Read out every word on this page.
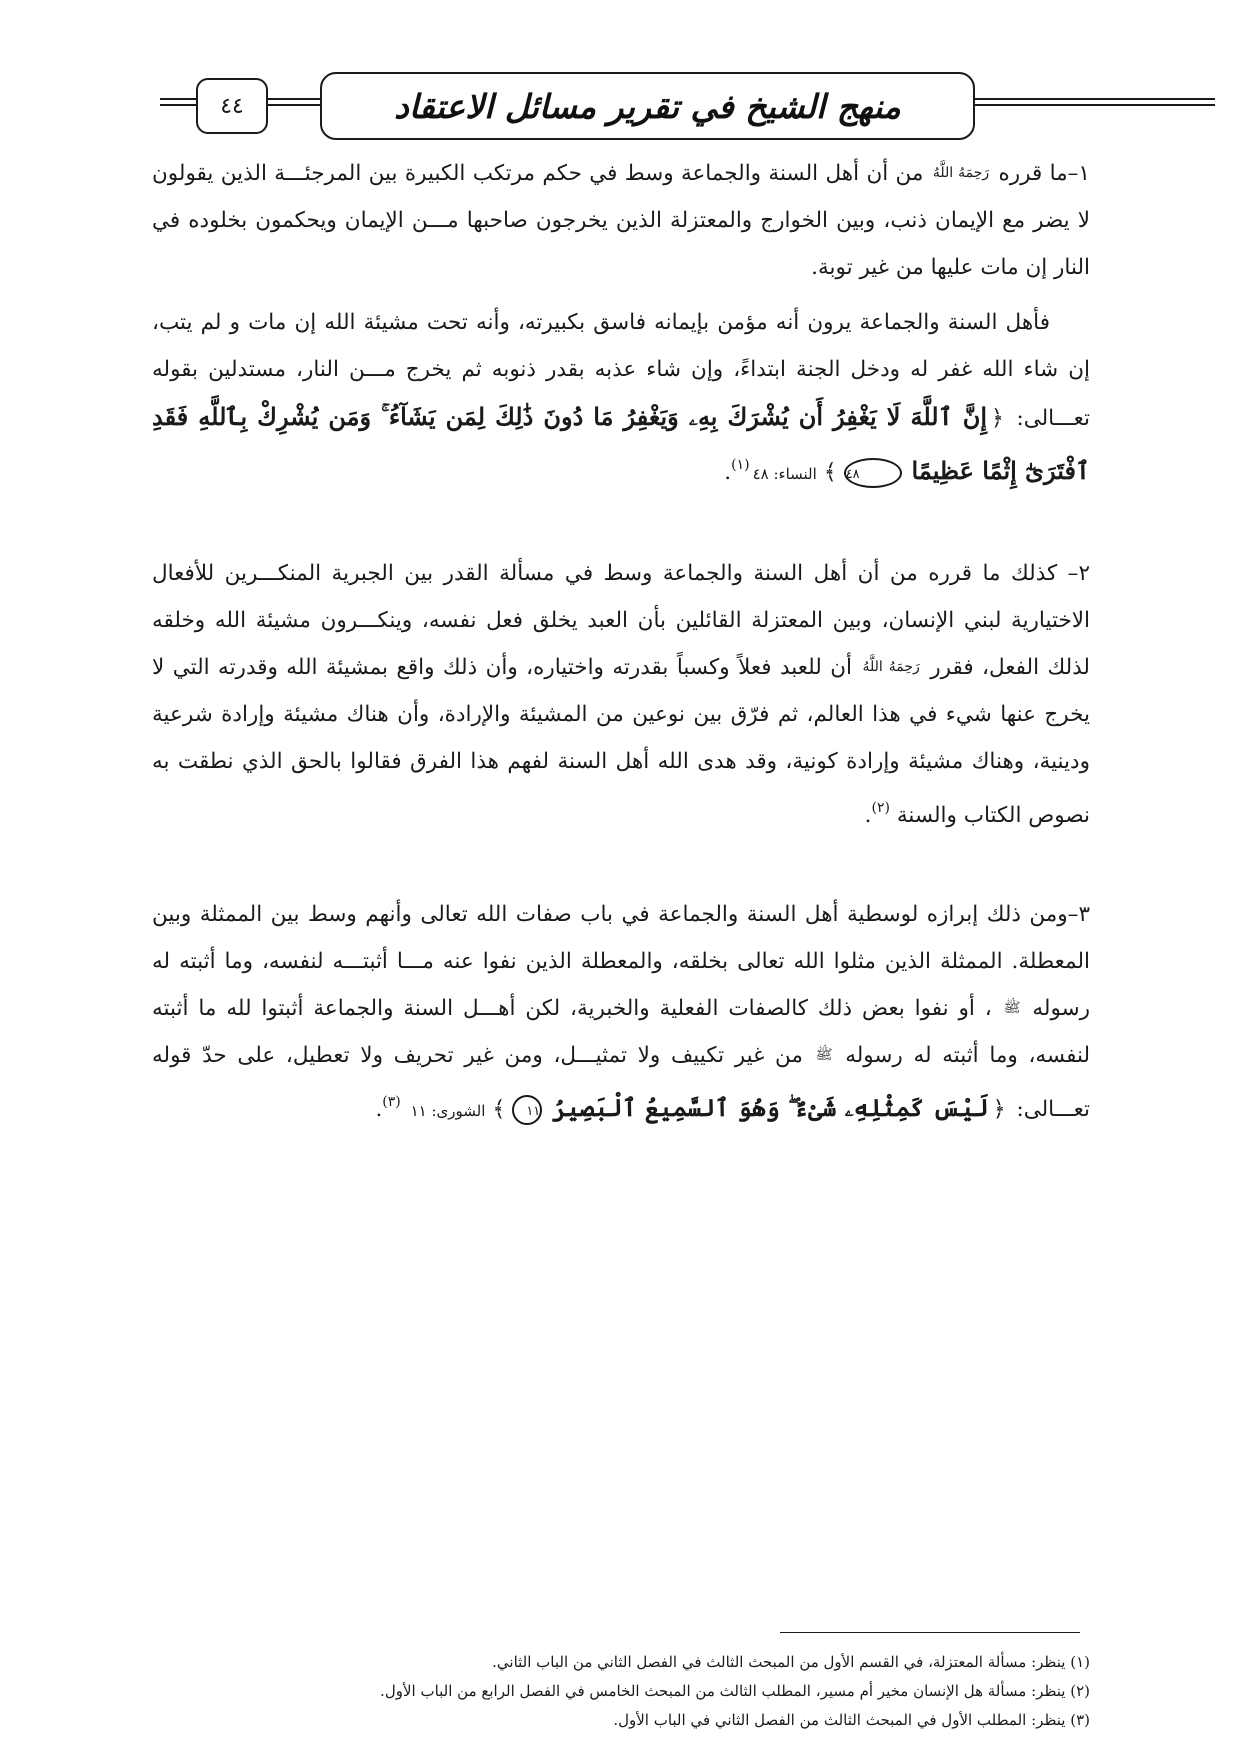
منهج الشيخ في تقرير مسائل الاعتقاد
٤٤

١–ما قرره رَحِمَهُ اللَّهُ من أن أهل السنة والجماعة وسط في حكم مرتكب الكبيرة بين المرجئـــة الذين يقولون لا يضر مع الإيمان ذنب، وبين الخوارج والمعتزلة الذين يخرجون صاحبها مـــن الإيمان ويحكمون بخلوده في النار إن مات عليها من غير توبة.

فأهل السنة والجماعة يرون أنه مؤمن بإيمانه فاسق بكبيرته، وأنه تحت مشيئة الله إن مات و لم يتب، إن شاء الله غفر له ودخل الجنة ابتداءً، وإن شاء عذبه بقدر ذنوبه ثم يخرج مـــن النار، مستدلين بقوله تعـــالى: ﴿إِنَّ ٱللَّهَ لَا يَغْفِرُ أَن يُشْرَكَ بِهِۦ وَيَغْفِرُ مَا دُونَ ذَٰلِكَ لِمَن يَشَآءُ ۚ وَمَن يُشْرِكْ بِٱللَّهِ فَقَدِ ٱفْتَرَىٰٓ إِثْمًا عَظِيمًا ٤٨﴾النساء: ٤٨$^{(١)}$.

٢– كذلك ما قرره من أن أهل السنة والجماعة وسط في مسألة القدر بين الجبرية المنكـــرين للأفعال الاختيارية لبني الإنسان، وبين المعتزلة القائلين بأن العبد يخلق فعل نفسه، وينكـــرون مشيئة الله وخلقه لذلك الفعل، فقرر رَحِمَهُ اللَّهُ أن للعبد فعلاً وكسباً بقدرته واختياره، وأن ذلك واقع بمشيئة الله وقدرته التي لا يخرج عنها شيء في هذا العالم، ثم فرّق بين نوعين من المشيئة والإرادة، وأن هناك مشيئة وإرادة شرعية ودينية، وهناك مشيئة وإرادة كونية، وقد هدى الله أهل السنة لفهم هذا الفرق فقالوا بالحق الذي نطقت به نصوص الكتاب والسنة $^{(٢)}$.

٣–ومن ذلك إبرازه لوسطية أهل السنة والجماعة في باب صفات الله تعالى وأنهم وسط بين الممثلة وبين المعطلة. الممثلة الذين مثلوا الله تعالى بخلقه، والمعطلة الذين نفوا عنه مـــا أثبتـــه لنفسه، وما أثبته له رسوله ﷺ ، أو نفوا بعض ذلك كالصفات الفعلية والخبرية، لكن أهـــل السنة والجماعة أثبتوا لله ما أثبته لنفسه، وما أثبته له رسوله ﷺ من غير تكييف ولا تمثيـــل، ومن غير تحريف ولا تعطيل، على حدّ قوله تعـــالى: ﴿لَيْسَ كَمِثْلِهِۦ شَىْءٌ ۖ وَهُوَ ٱلسَّمِيعُ ٱلْبَصِيرُ ١١﴾الشورى: ١١ $^{(٣)}$.

(١) ينظر: مسألة المعتزلة، في القسم الأول من المبحث الثالث في الفصل الثاني من الباب الثاني.

(٢) ينظر: مسألة هل الإنسان مخير أم مسير، المطلب الثالث من المبحث الخامس في الفصل الرابع من الباب الأول.

(٣) ينظر: المطلب الأول في المبحث الثالث من الفصل الثاني في الباب الأول.
